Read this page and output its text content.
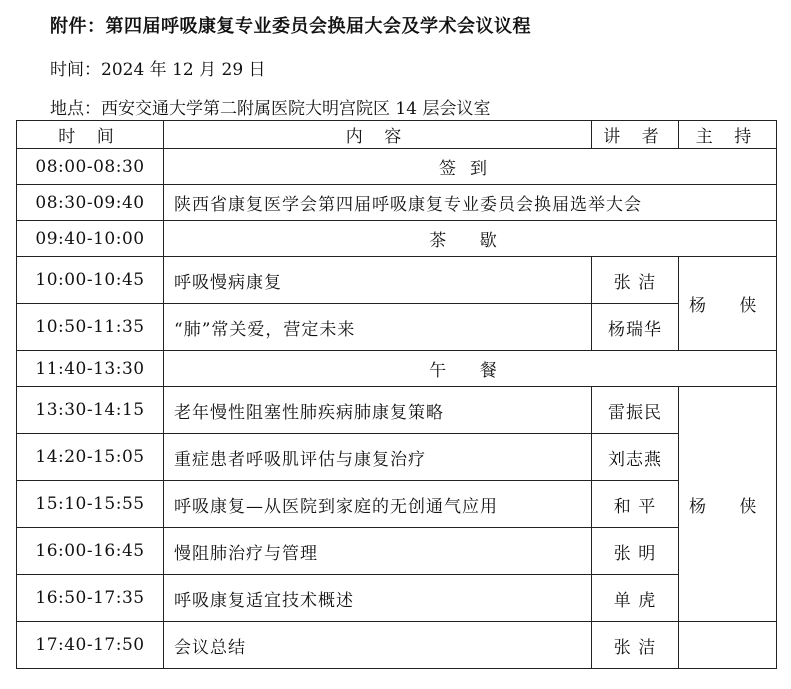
附件：第四届呼吸康复专业委员会换届大会及学术会议议程
时间：2024 年 12 月 29 日
地点：西安交通大学第二附属医院大明宫院区 14 层会议室
时 间	内 容	讲 者	主 持
08:00-08:30	签到		
08:30-09:40	陕西省康复医学会第四届呼吸康复专业委员会换届选举大会		
09:40-10:00	茶 歇		
10:00-10:45	呼吸慢病康复	张 洁	杨 侠
10:50-11:35	“肺”常关爱，营定未来	杨瑞华	
11:40-13:30	午 餐		
13:30-14:15	老年慢性阻塞性肺疾病肺康复策略	雷振民	杨 侠
14:20-15:05	重症患者呼吸肌评估与康复治疗	刘志燕	
15:10-15:55	呼吸康复—从医院到家庭的无创通气应用	和 平	
16:00-16:45	慢阻肺治疗与管理	张 明	
16:50-17:35	呼吸康复适宜技术概述	单 虎	
17:40-17:50	会议总结	张 洁	
